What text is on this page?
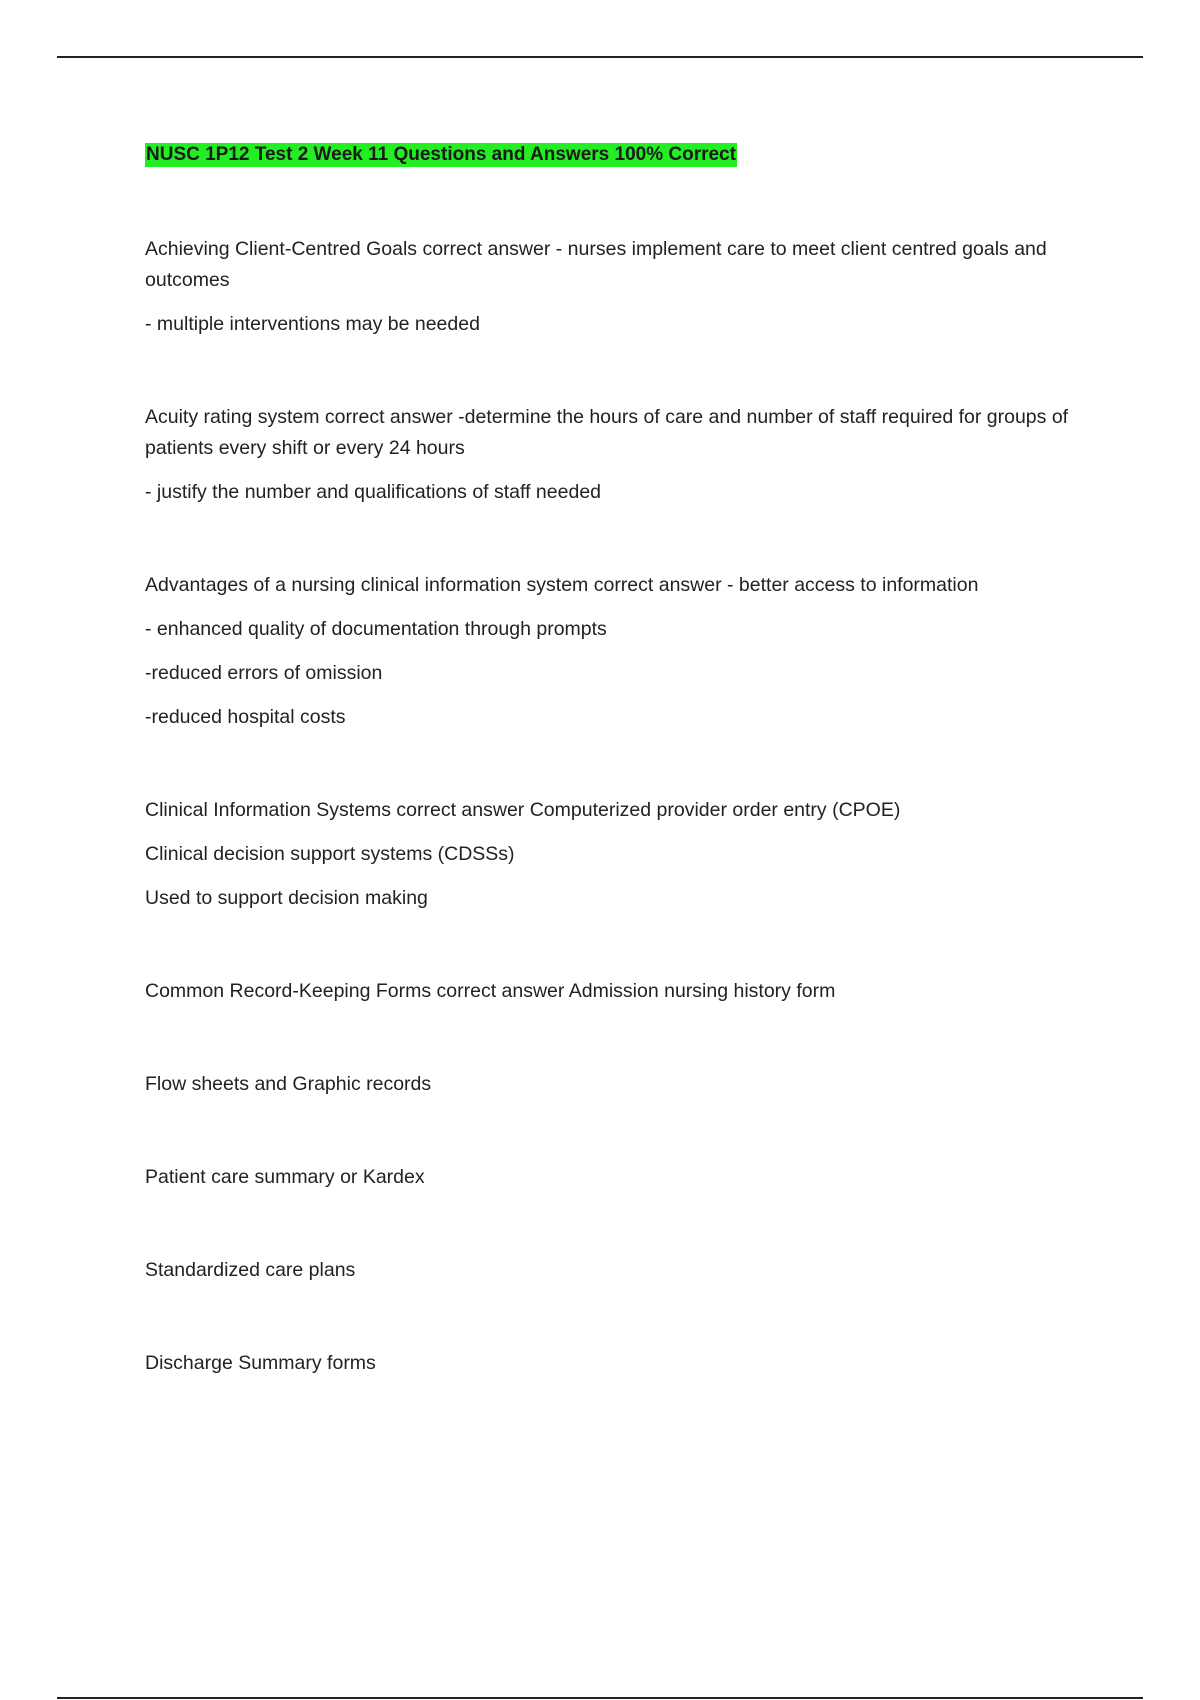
NUSC 1P12 Test 2 Week 11 Questions and Answers 100% Correct

Achieving Client-Centred Goals correct answer - nurses implement care to meet client centred goals and outcomes

- multiple interventions may be needed

Acuity rating system correct answer -determine the hours of care and number of staff required for groups of patients every shift or every 24 hours

- justify the number and qualifications of staff needed

Advantages of a nursing clinical information system correct answer - better access to information

- enhanced quality of documentation through prompts

-reduced errors of omission

-reduced hospital costs

Clinical Information Systems correct answer Computerized provider order entry (CPOE)

Clinical decision support systems (CDSSs)

Used to support decision making

Common Record-Keeping Forms correct answer Admission nursing history form

Flow sheets and Graphic records

Patient care summary or Kardex

Standardized care plans

Discharge Summary forms
